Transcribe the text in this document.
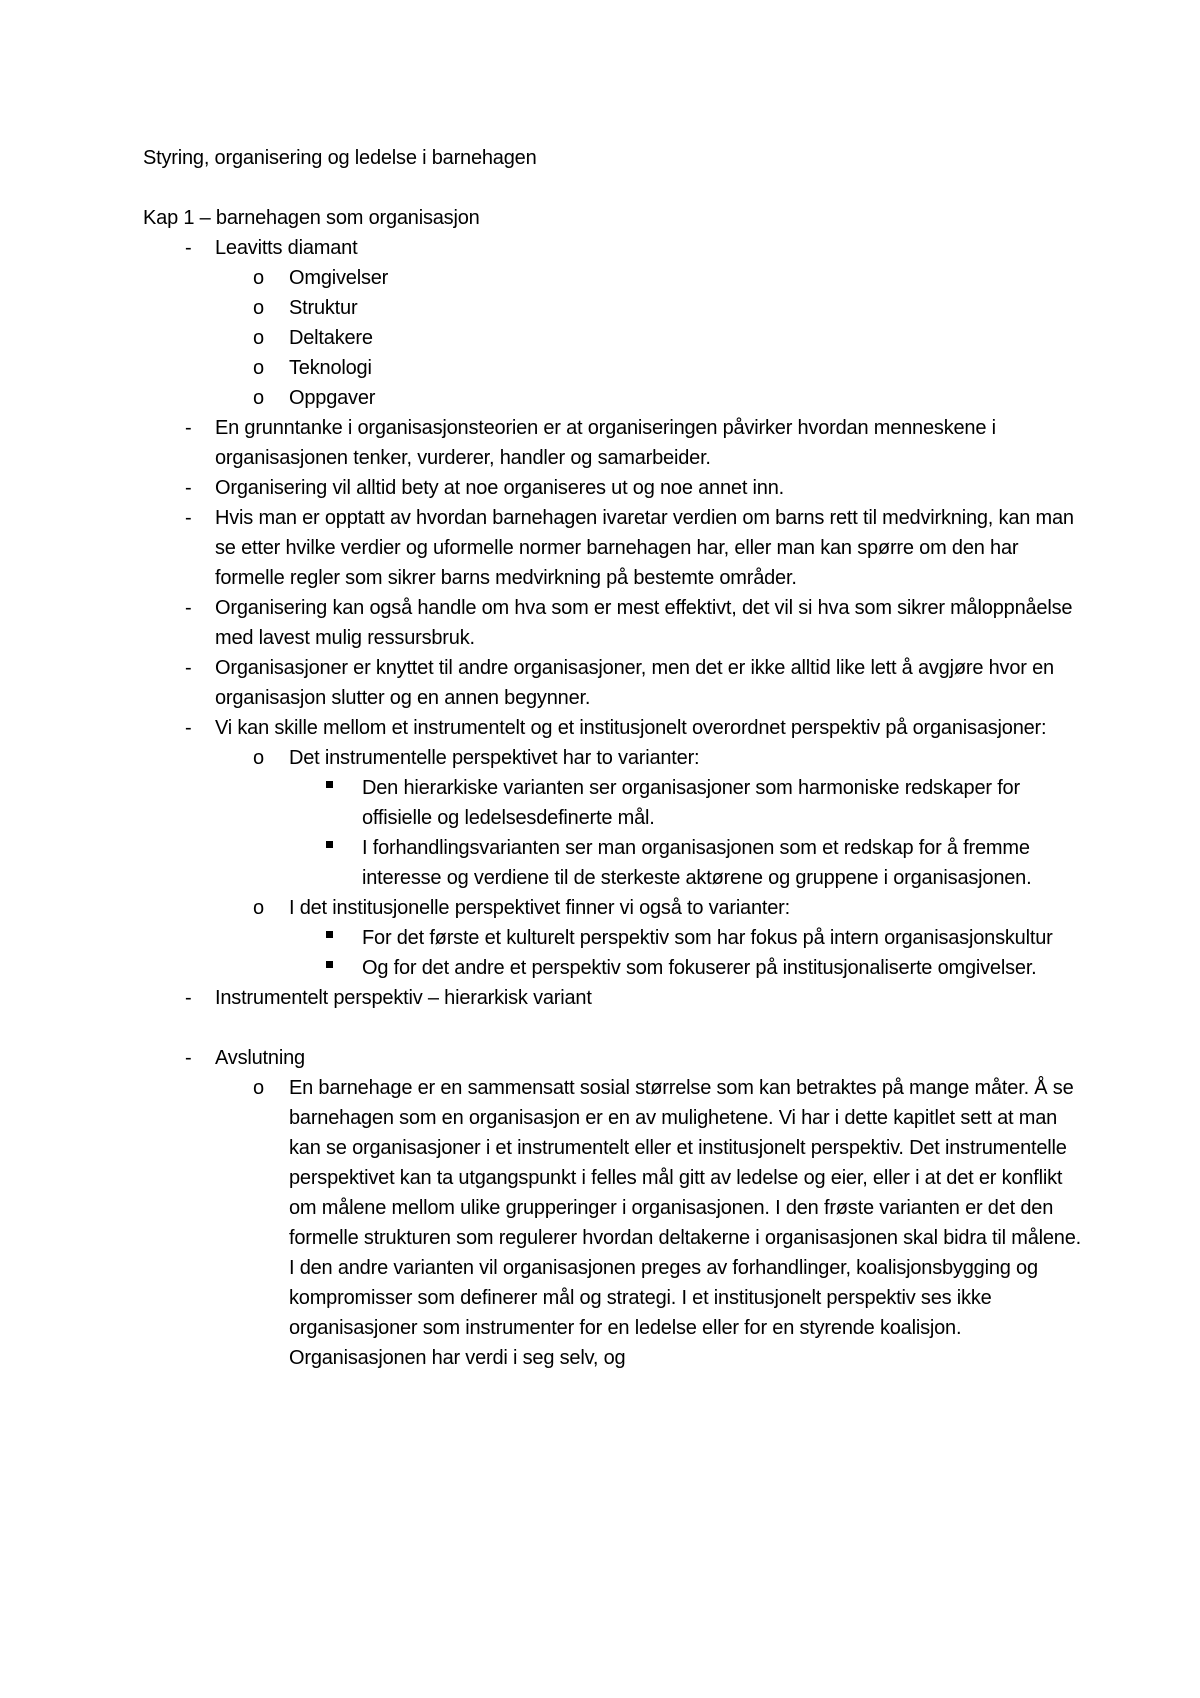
Styring, organisering og ledelse i barnehagen
Kap 1 – barnehagen som organisasjon
-
Leavitts diamant
o
Omgivelser
o
Struktur
o
Deltakere
o
Teknologi
o
Oppgaver
-
En grunntanke i organisasjonsteorien er at organiseringen påvirker hvordan menneskene i organisasjonen tenker, vurderer, handler og samarbeider.
-
Organisering vil alltid bety at noe organiseres ut og noe annet inn.
-
Hvis man er opptatt av hvordan barnehagen ivaretar verdien om barns rett til medvirkning, kan man se etter hvilke verdier og uformelle normer barnehagen har, eller man kan spørre om den har formelle regler som sikrer barns medvirkning på bestemte områder.
-
Organisering kan også handle om hva som er mest effektivt, det vil si hva som sikrer måloppnåelse med lavest mulig ressursbruk.
-
Organisasjoner er knyttet til andre organisasjoner, men det er ikke alltid like lett å avgjøre hvor en organisasjon slutter og en annen begynner.
-
Vi kan skille mellom et instrumentelt og et institusjonelt overordnet perspektiv på organisasjoner:
o
Det instrumentelle perspektivet har to varianter:
Den hierarkiske varianten ser organisasjoner som harmoniske redskaper for offisielle og ledelsesdefinerte mål.
I forhandlingsvarianten ser man organisasjonen som et redskap for å fremme interesse og verdiene til de sterkeste aktørene og gruppene i organisasjonen.
o
I det institusjonelle perspektivet finner vi også to varianter:
For det første et kulturelt perspektiv som har fokus på intern organisasjonskultur
Og for det andre et perspektiv som fokuserer på institusjonaliserte omgivelser.
-
Instrumentelt perspektiv – hierarkisk variant
-
Avslutning
o
En barnehage er en sammensatt sosial størrelse som kan betraktes på mange måter. Å se barnehagen som en organisasjon er en av mulighetene. Vi har i dette kapitlet sett at man kan se organisasjoner i et instrumentelt eller et institusjonelt perspektiv. Det instrumentelle perspektivet kan ta utgangspunkt i felles mål gitt av ledelse og eier, eller i at det er konflikt om målene mellom ulike grupperinger i organisasjonen. I den frøste varianten er det den formelle strukturen som regulerer hvordan deltakerne i organisasjonen skal bidra til målene. I den andre varianten vil organisasjonen preges av forhandlinger, koalisjonsbygging og kompromisser som definerer mål og strategi. I et institusjonelt perspektiv ses ikke organisasjoner som instrumenter for en ledelse eller for en styrende koalisjon. Organisasjonen har verdi i seg selv, og
